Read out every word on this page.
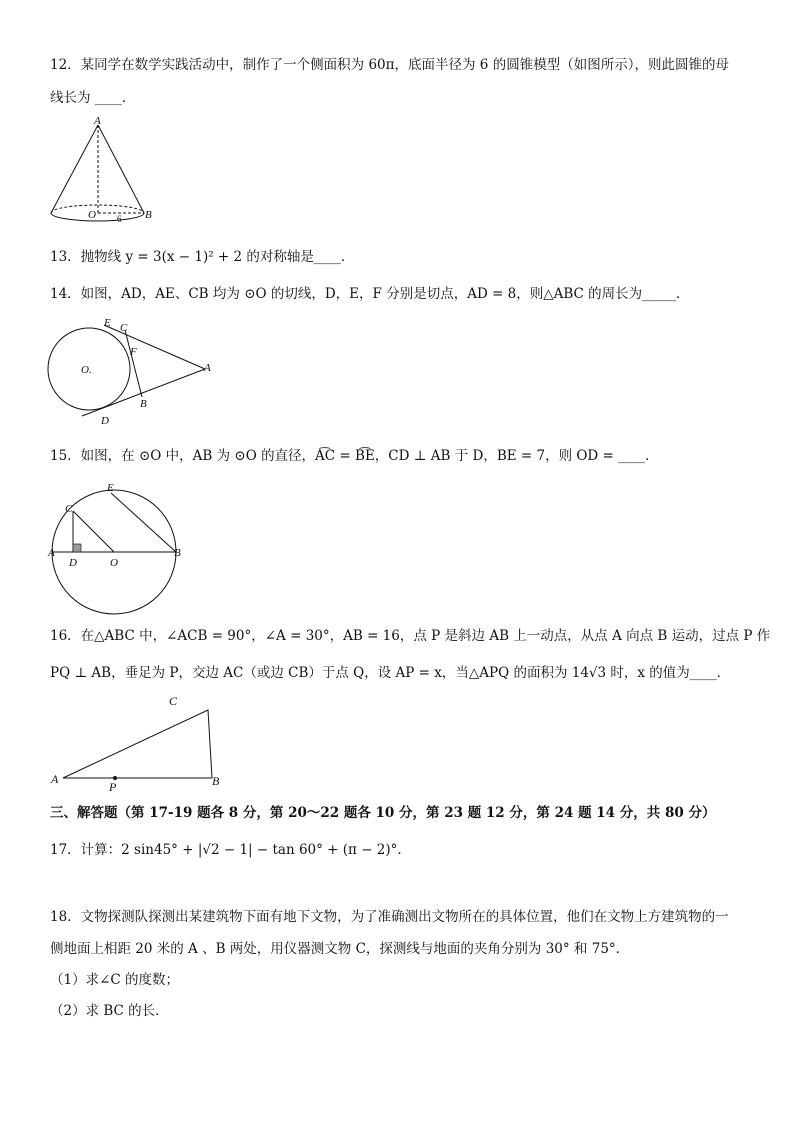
12．某同学在数学实践活动中，制作了一个侧面积为 60π，底面半径为 6 的圆锥模型（如图所示），则此圆锥的母
线长为 ____．
A
O 6 B
13．抛物线 y = 3(x − 1)² + 2 的对称轴是____．
14．如图，AD，AE、CB 均为 ⊙O 的切线，D，E，F 分别是切点，AD = 8，则△ABC 的周长为_____．
E C
F
O.	A
B
D
15．如图，在 ⊙O 中，AB 为 ⊙O 的直径，A͡C = B͡E，CD ⊥ AB 于 D，BE = 7，则 OD = ____．
E
C
A
D	O
B
16．在△ABC 中，∠ACB = 90°，∠A = 30°，AB = 16，点 P 是斜边 AB 上一动点，从点 A 向点 B 运动，过点 P 作
PQ ⊥ AB，垂足为 P，交边 AC（或边 CB）于点 Q，设 AP = x，当△APQ 的面积为 14√3 时，x 的值为____．
C
A	B
P
三、解答题（第 17-19 题各 8 分，第 20～22 题各 10 分，第 23 题 12 分，第 24 题 14 分，共 80 分）
17．计算：2 sin45° + |√2 − 1| − tan 60° + (π − 2)°．
18．文物探测队探测出某建筑物下面有地下文物，为了准确测出文物所在的具体位置，他们在文物上方建筑物的一
侧地面上相距 20 米的 A 、B 两处，用仪器测文物 C，探测线与地面的夹角分别为 30° 和 75°．
（1）求∠C 的度数；
（2）求 BC 的长．
